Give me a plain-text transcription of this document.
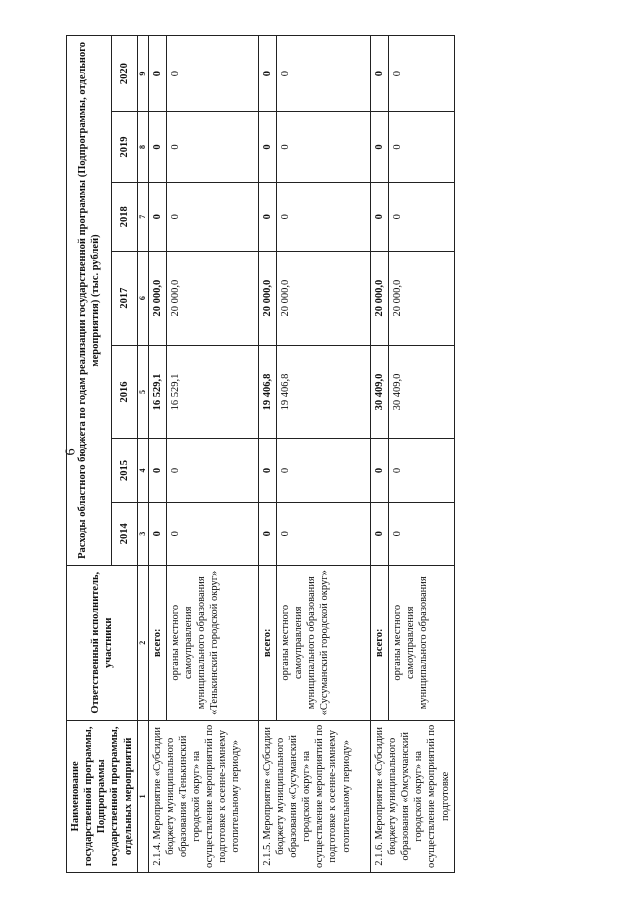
6
Наименование государственной программы, Подпрограммы государственной программы, отдельных мероприятий	Ответственный исполнитель, участники	Расходы областного бюджета по годам реализации государственной программы (Подпрограммы, отдельного мероприятия) (тыс. рублей)						
		2014	2015	2016	2017	2018	2019	2020
1	2	3	4	5	6	7	8	9
2.1.4. Мероприятие «Субсидии бюджету муниципального образования «Тенькинский городской округ» на осуществление мероприятий по подготовке к осенне-зимнему отопительному периоду»	всего:	0	0	16 529,1	20 000,0	0	0	0
	органы местного самоуправления муниципального образования «Тенькинский городской округ»	0	0	16 529,1	20 000,0	0	0	0
2.1.5. Мероприятие «Субсидии бюджету муниципального образования «Сусуманский городской округ» на осуществление мероприятий по подготовке к осенне-зимнему отопительному периоду»	всего:	0	0	19 406,8	20 000,0	0	0	0
	органы местного самоуправления муниципального образования «Сусуманский городской округ»	0	0	19 406,8	20 000,0	0	0	0
2.1.6. Мероприятие «Субсидии бюджету муниципального образования «Омсукчанский городской округ» на осуществление мероприятий по подготовке	всего:	0	0	30 409,0	20 000,0	0	0	0
	органы местного самоуправления муниципального образования	0	0	30 409,0	20 000,0	0	0	0
